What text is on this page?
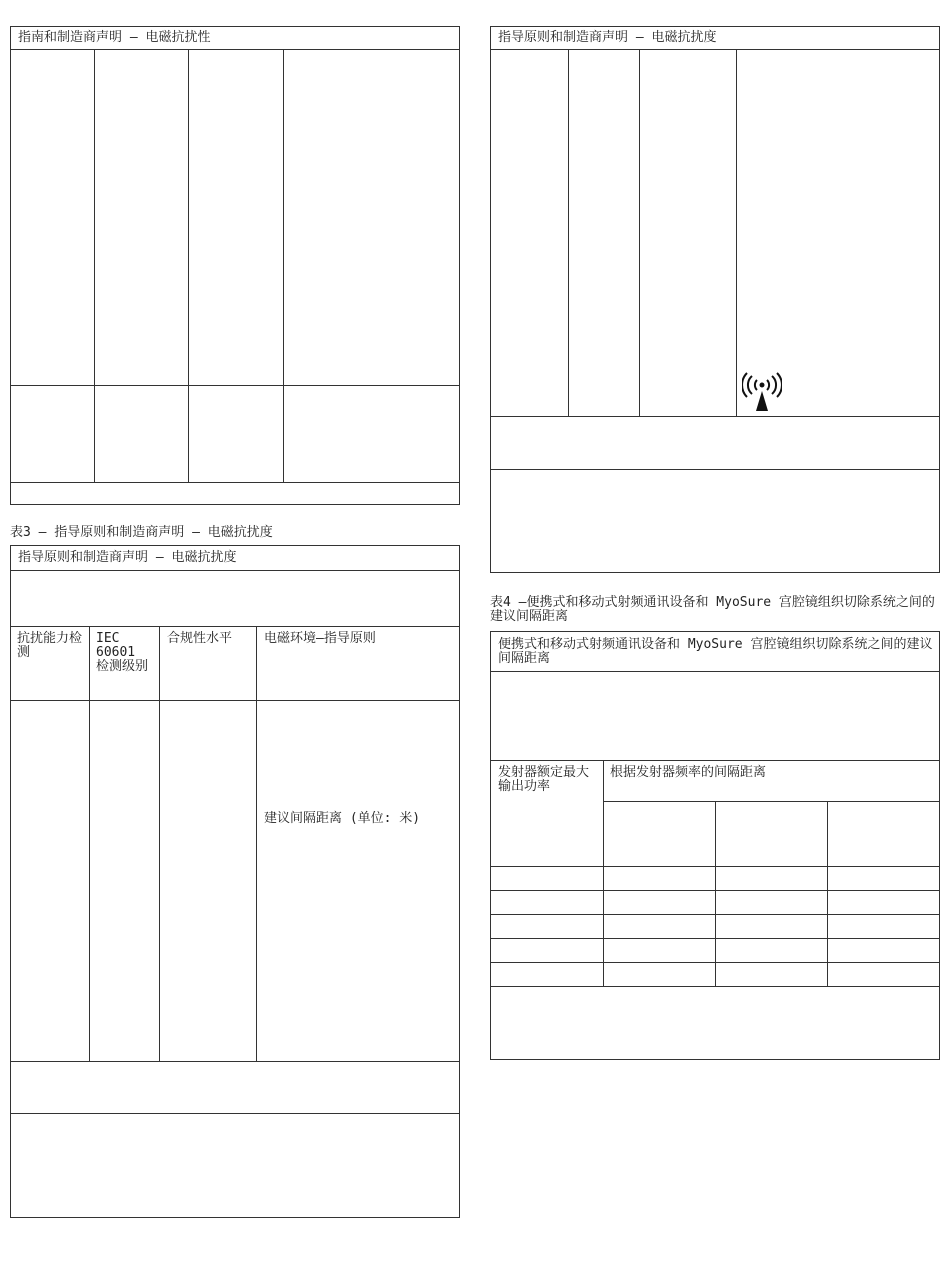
指南和制造商声明 — 电磁抗扰性
表3 – 指导原则和制造商声明 – 电磁抗扰度
指导原则和制造商声明 – 电磁抗扰度
抗扰能力检测
IEC 60601 检测级别
合规性水平 电磁环境–指导原则
建议间隔距离 (单位: 米)
指导原则和制造商声明 – 电磁抗扰度
表4 –便携式和移动式射频通讯设备和 MyoSure 宫腔镜组织切除系统之间的建议间隔距离
便携式和移动式射频通讯设备和 MyoSure 宫腔镜组织切除系统之间的建议间隔距离
发射器额定最大输出功率
根据发射器频率的间隔距离
